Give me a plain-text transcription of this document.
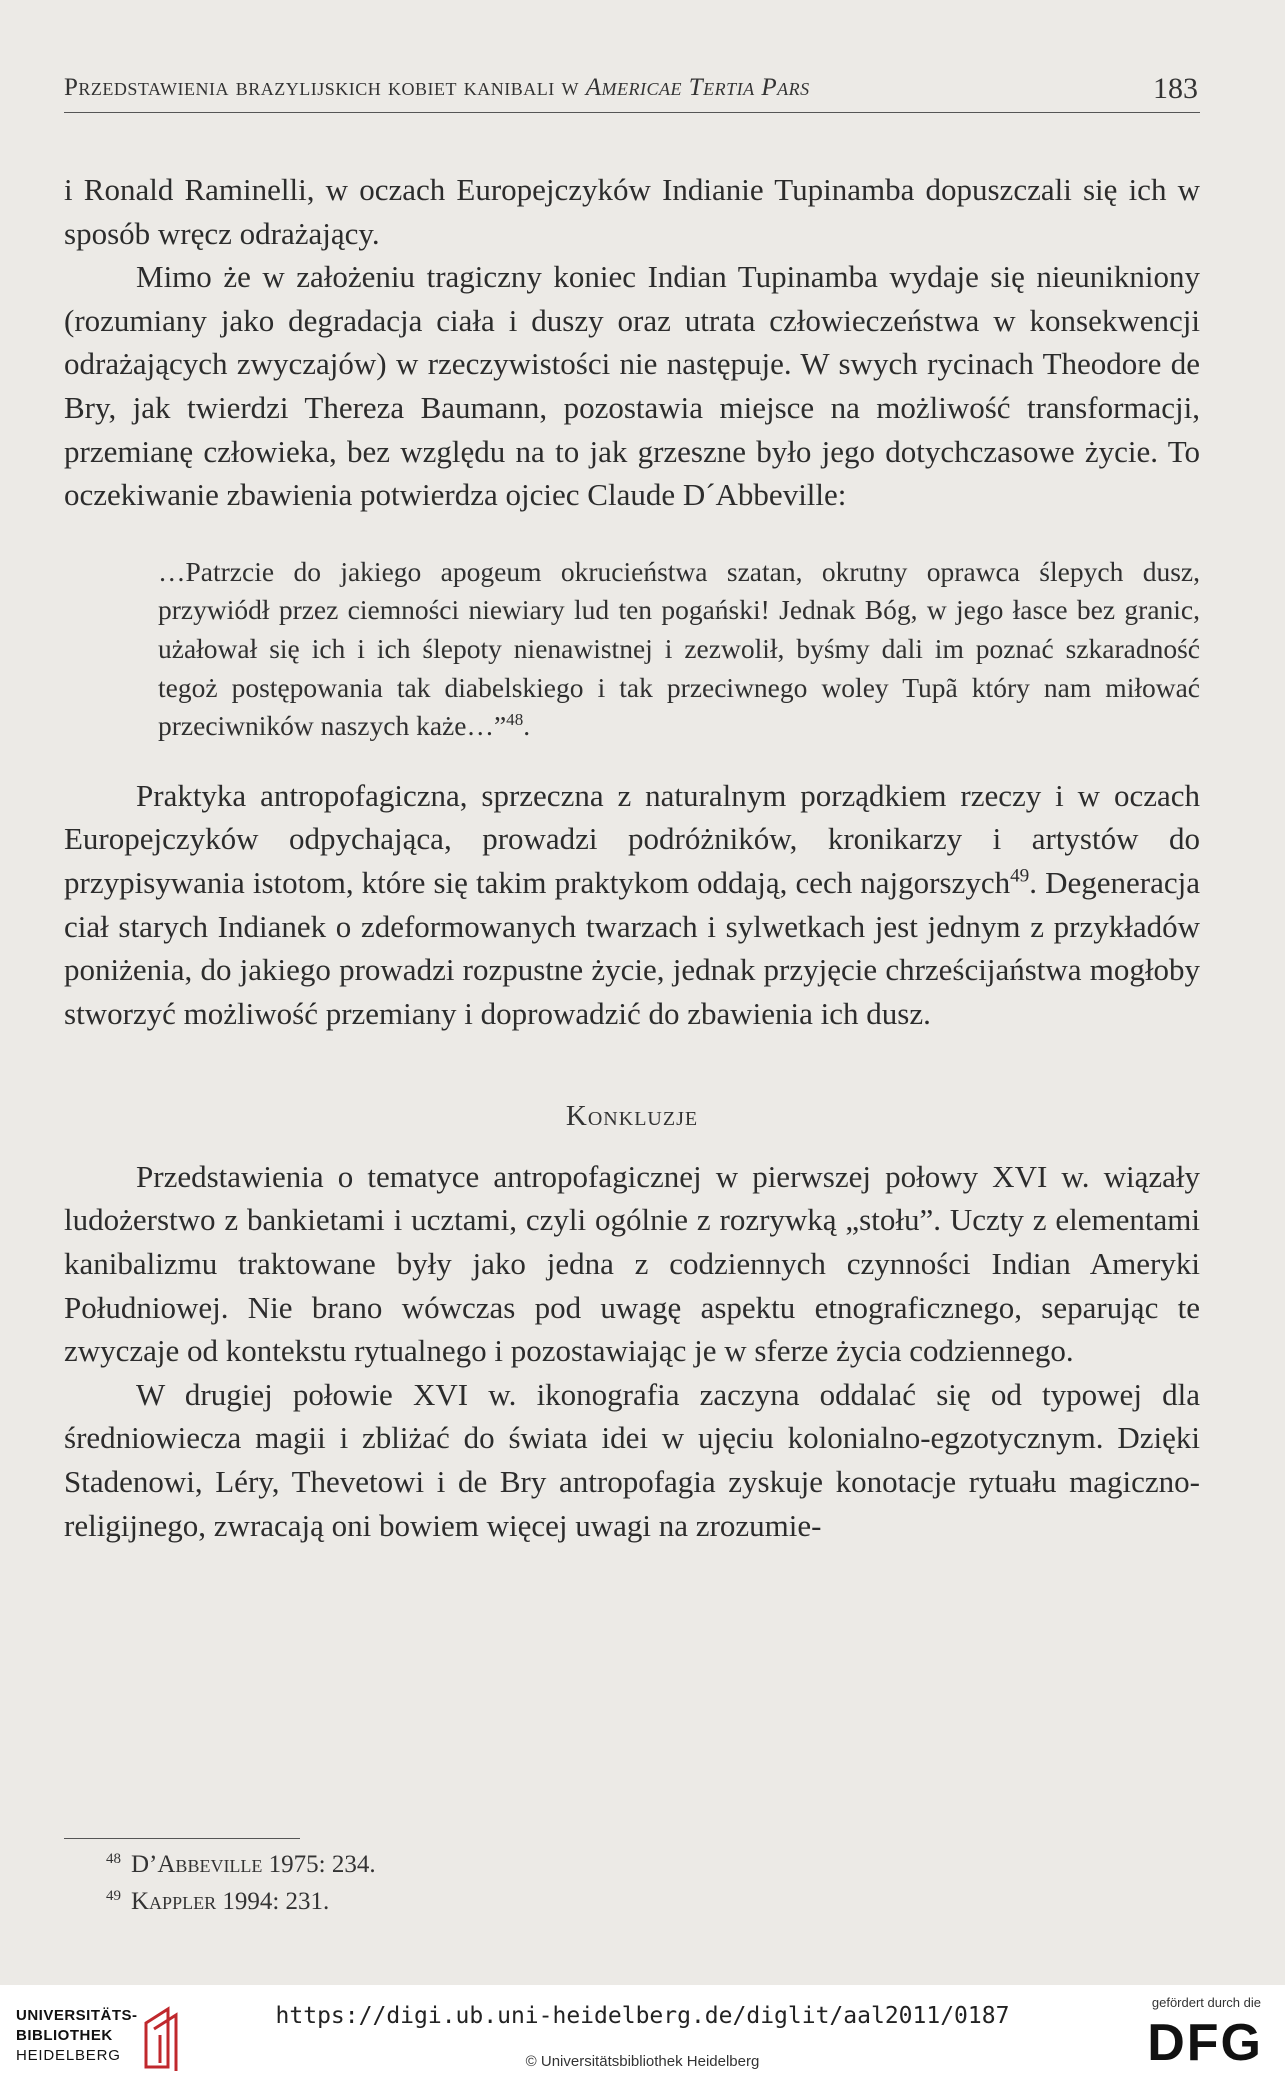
Przedstawienia brazylijskich kobiet kanibali w Americae Tertia Pars	183

i Ronald Raminelli, w oczach Europejczyków Indianie Tupinamba dopuszczali się ich w sposób wręcz odrażający.

Mimo że w założeniu tragiczny koniec Indian Tupinamba wydaje się nieunikniony (rozumiany jako degradacja ciała i duszy oraz utrata człowieczeństwa w konsekwencji odrażających zwyczajów) w rzeczywistości nie następuje. W swych rycinach Theodore de Bry, jak twierdzi Thereza Baumann, pozostawia miejsce na możliwość transformacji, przemianę człowieka, bez względu na to jak grzeszne było jego dotychczasowe życie. To oczekiwanie zbawienia potwierdza ojciec Claude D´Abbeville:

…Patrzcie do jakiego apogeum okrucieństwa szatan, okrutny oprawca ślepych dusz, przywiódł przez ciemności niewiary lud ten pogański! Jednak Bóg, w jego łasce bez granic, użałował się ich i ich ślepoty nienawistnej i zezwolił, byśmy dali im poznać szkaradność tegoż postępowania tak diabelskiego i tak przeciwnego woley Tupã który nam miłować przeciwników naszych każe…”$^{48}$.

Praktyka antropofagiczna, sprzeczna z naturalnym porządkiem rzeczy i w oczach Europejczyków odpychająca, prowadzi podróżników, kronikarzy i artystów do przypisywania istotom, które się takim praktykom oddają, cech najgorszych$^{49}$. Degeneracja ciał starych Indianek o zdeformowanych twarzach i sylwetkach jest jednym z przykładów poniżenia, do jakiego prowadzi rozpustne życie, jednak przyjęcie chrześcijaństwa mogłoby stworzyć możliwość przemiany i doprowadzić do zbawienia ich dusz.

Konkluzje

Przedstawienia o tematyce antropofagicznej w pierwszej połowy XVI w. wiązały ludożerstwo z bankietami i ucztami, czyli ogólnie z rozrywką „stołu”. Uczty z elementami kanibalizmu traktowane były jako jedna z codziennych czynności Indian Ameryki Południowej. Nie brano wówczas pod uwagę aspektu etnograficznego, separując te zwyczaje od kontekstu rytualnego i pozostawiając je w sferze życia codziennego.

W drugiej połowie XVI w. ikonografia zaczyna oddalać się od typowej dla średniowiecza magii i zbliżać do świata idei w ujęciu kolonialno-egzotycznym. Dzięki Stadenowi, Léry, Thevetowi i de Bry antropofagia zyskuje konotacje rytuału magiczno-religijnego, zwracają oni bowiem więcej uwagi na zrozumie-

$^{48}$ D’Abbeville 1975: 234.
$^{49}$ Kappler 1994: 231.
UNIVERSITÄTS-
BIBLIOTHEK
HEIDELBERG
https://digi.ub.uni-heidelberg.de/diglit/aal2011/0187
© Universitätsbibliothek Heidelberg
gefördert durch die
DFG
